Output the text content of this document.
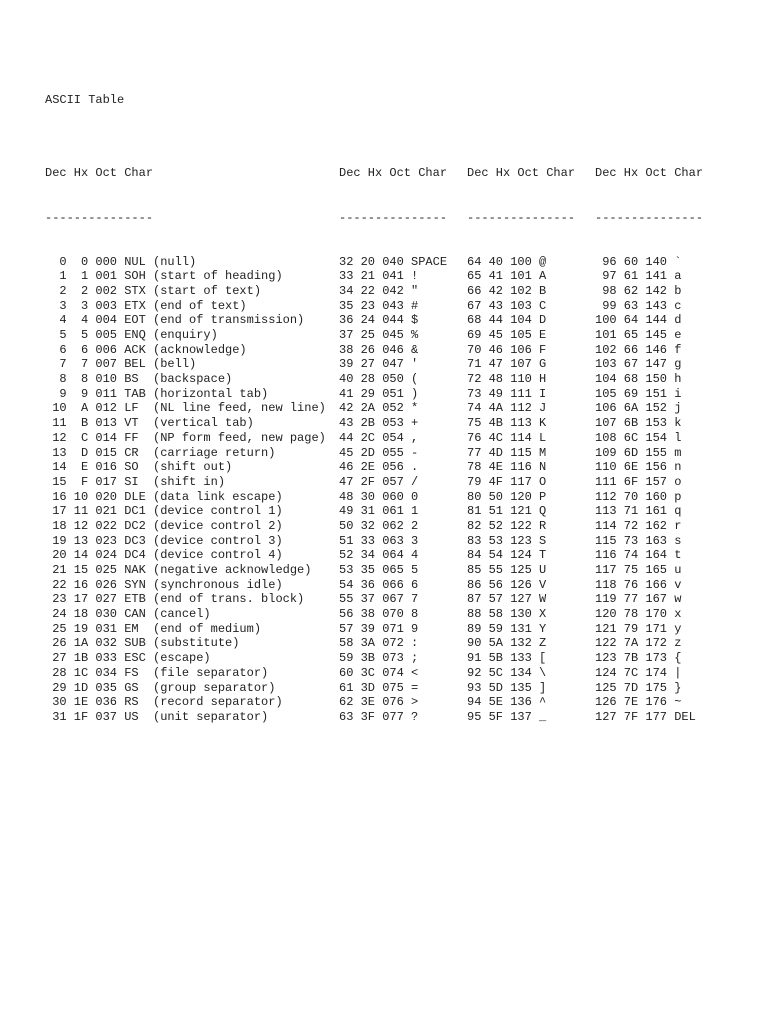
ASCII Table

Dec Hx Oct Char

---------------

0  0 000 NUL (null)
1  1 001 SOH (start of heading)
2  2 002 STX (start of text)
3  3 003 ETX (end of text)
4  4 004 EOT (end of transmission)
5  5 005 ENQ (enquiry)
6  6 006 ACK (acknowledge)
7  7 007 BEL (bell)
8  8 010 BS  (backspace)
9  9 011 TAB (horizontal tab)
10  A 012 LF  (NL line feed, new line)
11  B 013 VT  (vertical tab)
12  C 014 FF  (NP form feed, new page)
13  D 015 CR  (carriage return)
14  E 016 SO  (shift out)
15  F 017 SI  (shift in)
16 10 020 DLE (data link escape)
17 11 021 DC1 (device control 1)
18 12 022 DC2 (device control 2)
19 13 023 DC3 (device control 3)
20 14 024 DC4 (device control 4)
21 15 025 NAK (negative acknowledge)
22 16 026 SYN (synchronous idle)
23 17 027 ETB (end of trans. block)
24 18 030 CAN (cancel)
25 19 031 EM  (end of medium)
26 1A 032 SUB (substitute)
27 1B 033 ESC (escape)
28 1C 034 FS  (file separator)
29 1D 035 GS  (group separator)
30 1E 036 RS  (record separator)
31 1F 037 US  (unit separator)

Dec Hx Oct Char

---------------

32 20 040 SPACE
33 21 041 !
34 22 042 "
35 23 043 #
36 24 044 $
37 25 045 %
38 26 046 &
39 27 047 '
40 28 050 (
41 29 051 )
42 2A 052 *
43 2B 053 +
44 2C 054 ,
45 2D 055 -
46 2E 056 .
47 2F 057 /
48 30 060 0
49 31 061 1
50 32 062 2
51 33 063 3
52 34 064 4
53 35 065 5
54 36 066 6
55 37 067 7
56 38 070 8
57 39 071 9
58 3A 072 :
59 3B 073 ;
60 3C 074 <
61 3D 075 =
62 3E 076 >
63 3F 077 ?

Dec Hx Oct Char

---------------

64 40 100 @
65 41 101 A
66 42 102 B
67 43 103 C
68 44 104 D
69 45 105 E
70 46 106 F
71 47 107 G
72 48 110 H
73 49 111 I
74 4A 112 J
75 4B 113 K
76 4C 114 L
77 4D 115 M
78 4E 116 N
79 4F 117 O
80 50 120 P
81 51 121 Q
82 52 122 R
83 53 123 S
84 54 124 T
85 55 125 U
86 56 126 V
87 57 127 W
88 58 130 X
89 59 131 Y
90 5A 132 Z
91 5B 133 [
92 5C 134 \
93 5D 135 ]
94 5E 136 ^
95 5F 137 _

Dec Hx Oct Char

---------------

96 60 140 `
97 61 141 a
98 62 142 b
99 63 143 c
100 64 144 d
101 65 145 e
102 66 146 f
103 67 147 g
104 68 150 h
105 69 151 i
106 6A 152 j
107 6B 153 k
108 6C 154 l
109 6D 155 m
110 6E 156 n
111 6F 157 o
112 70 160 p
113 71 161 q
114 72 162 r
115 73 163 s
116 74 164 t
117 75 165 u
118 76 166 v
119 77 167 w
120 78 170 x
121 79 171 y
122 7A 172 z
123 7B 173 {
124 7C 174 |
125 7D 175 }
126 7E 176 ~
127 7F 177 DEL
